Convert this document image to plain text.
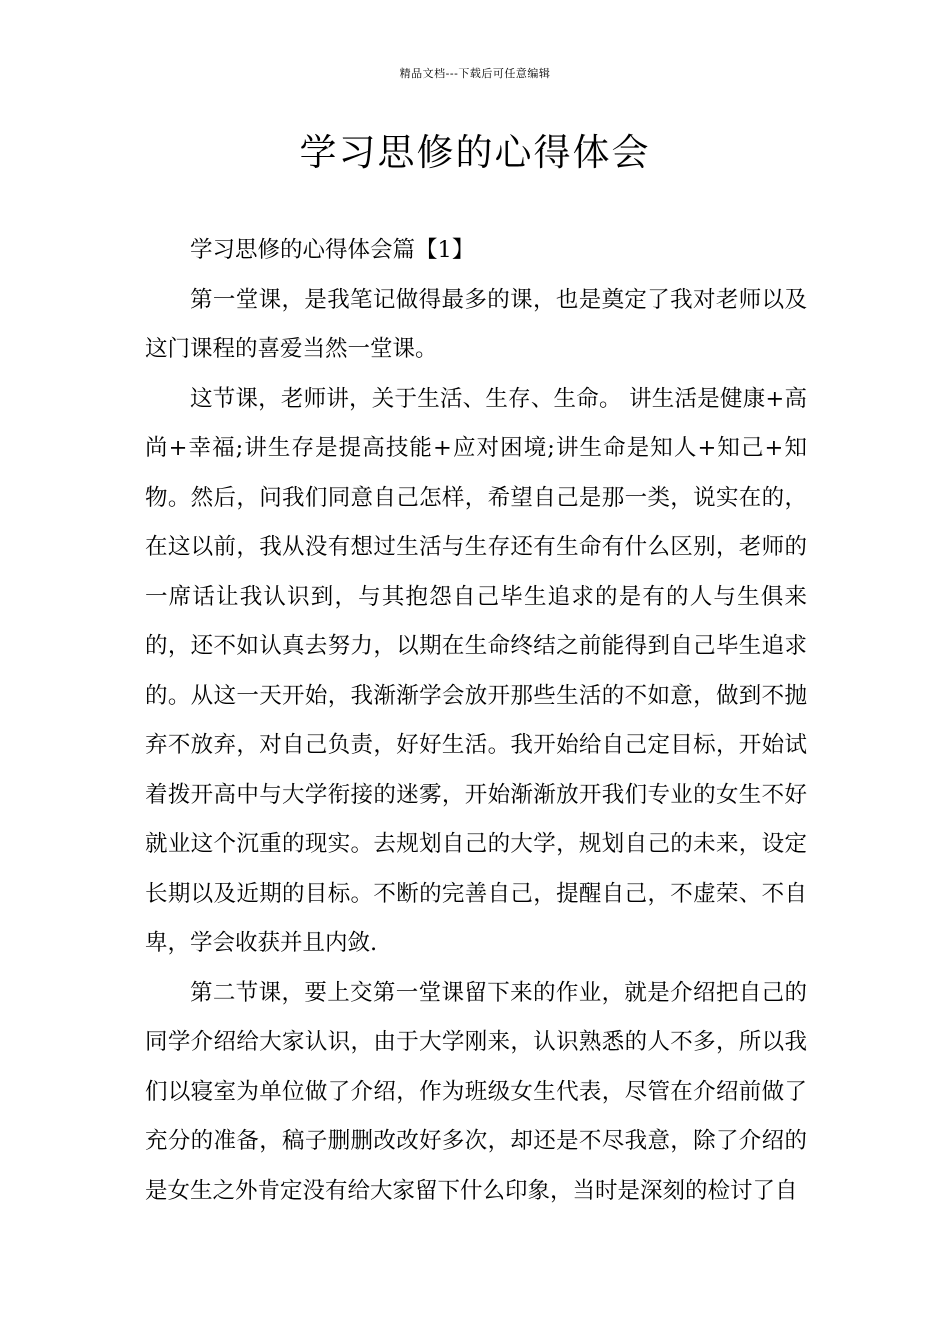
精品文档---下载后可任意编辑
学习思修的心得体会

学习思修的心得体会篇【1】

第一堂课，是我笔记做得最多的课，也是奠定了我对老师以及这门课程的喜爱当然一堂课。

这节课，老师讲，关于生活、生存、生命。 讲生活是健康+高尚+幸福;讲生存是提高技能+应对困境;讲生命是知人+知己+知物。然后，问我们同意自己怎样，希望自己是那一类，说实在的，在这以前，我从没有想过生活与生存还有生命有什么区别，老师的一席话让我认识到，与其抱怨自己毕生追求的是有的人与生俱来的，还不如认真去努力，以期在生命终结之前能得到自己毕生追求的。从这一天开始，我渐渐学会放开那些生活的不如意，做到不抛弃不放弃，对自己负责，好好生活。我开始给自己定目标，开始试着拨开高中与大学衔接的迷雾，开始渐渐放开我们专业的女生不好就业这个沉重的现实。去规划自己的大学，规划自己的未来，设定长期以及近期的目标。不断的完善自己，提醒自己，不虚荣、不自卑，学会收获并且内敛.

第二节课，要上交第一堂课留下来的作业，就是介绍把自己的同学介绍给大家认识，由于大学刚来，认识熟悉的人不多，所以我们以寝室为单位做了介绍，作为班级女生代表，尽管在介绍前做了充分的准备，稿子删删改改好多次，却还是不尽我意，除了介绍的是女生之外肯定没有给大家留下什么印象，当时是深刻的检讨了自
